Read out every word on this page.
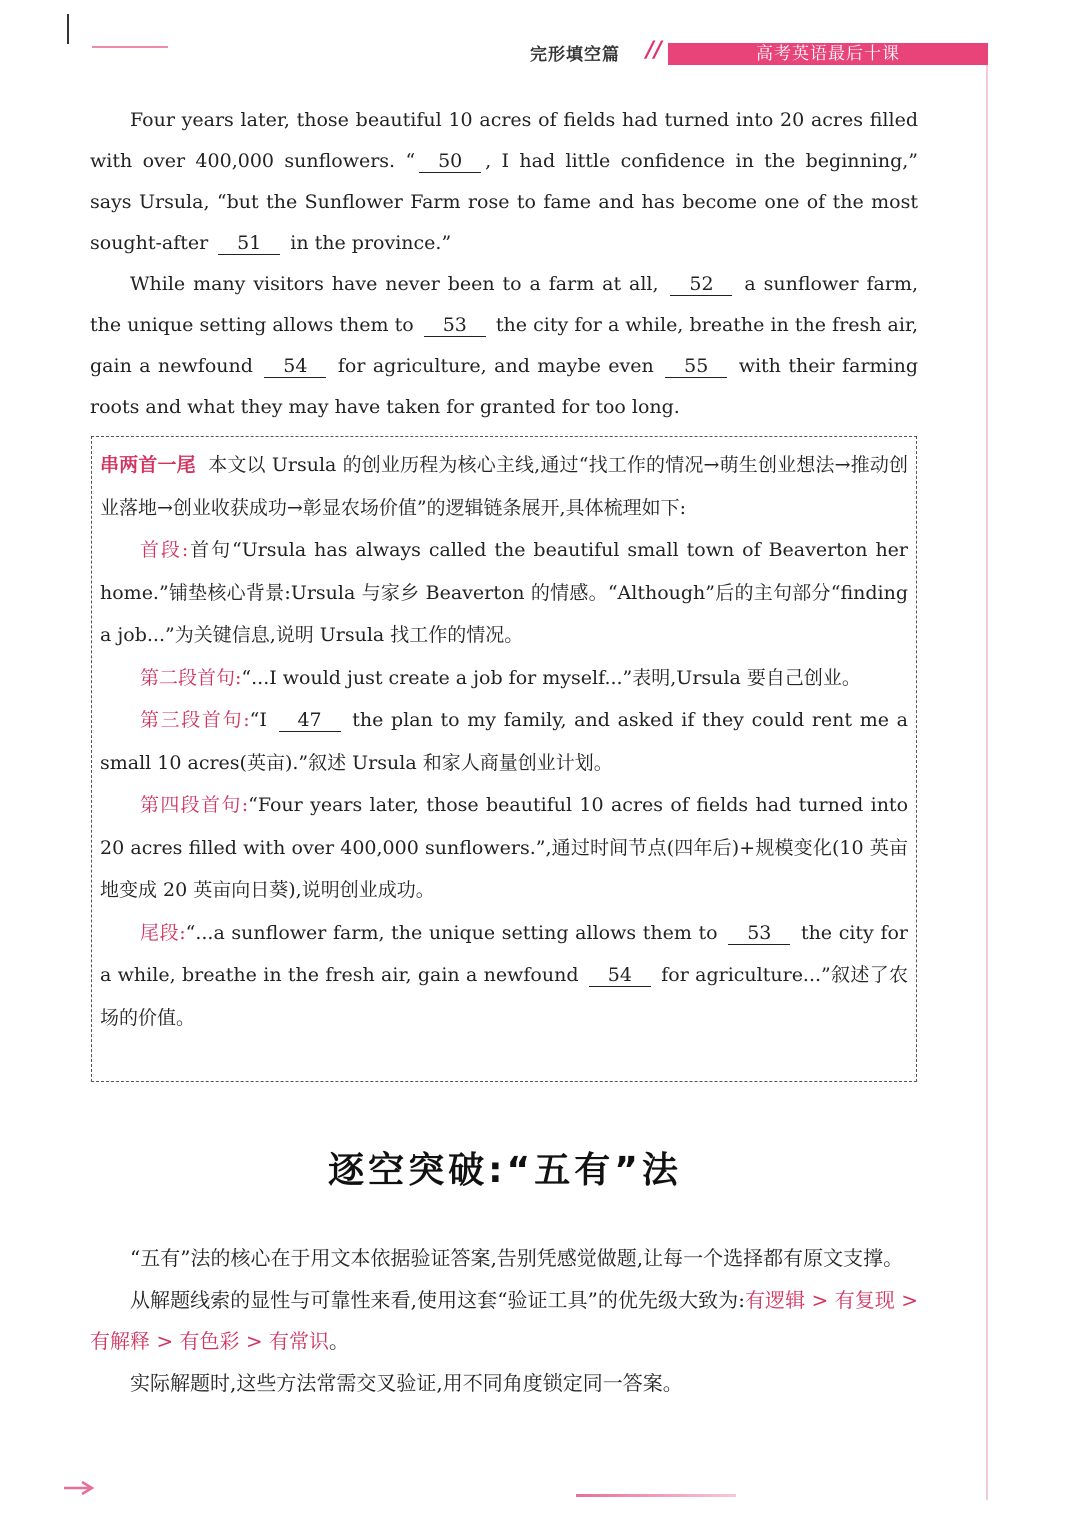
完形填空篇 //	高考英语最后十课

Four years later, those beautiful 10 acres of fields had turned into 20 acres filled with over 400,000 sunflowers. “ 50 , I had little confidence in the beginning,” says Ursula, “but the Sunflower Farm rose to fame and has become one of the most sought-after 51 in the province.”

While many visitors have never been to a farm at all, 52 a sunflower farm, the unique setting allows them to 53 the city for a while, breathe in the fresh air, gain a newfound 54 for agriculture, and maybe even 55 with their farming roots and what they may have taken for granted for too long.

串两首一尾 本文以 Ursula 的创业历程为核心主线,通过“找工作的情况→萌生创业想法→推动创业落地→创业收获成功→彰显农场价值”的逻辑链条展开,具体梳理如下:

首段:首句“Ursula has always called the beautiful small town of Beaverton her home.”铺垫核心背景:Ursula 与家乡 Beaverton 的情感。“Although”后的主句部分“finding a job...”为关键信息,说明 Ursula 找工作的情况。

第二段首句:“...I would just create a job for myself...”表明,Ursula 要自己创业。

第三段首句:“I 47 the plan to my family, and asked if they could rent me a small 10 acres(英亩).”叙述 Ursula 和家人商量创业计划。

第四段首句:“Four years later, those beautiful 10 acres of fields had turned into 20 acres filled with over 400,000 sunflowers.”,通过时间节点(四年后)+规模变化(10 英亩地变成 20 英亩向日葵),说明创业成功。

尾段:“...a sunflower farm, the unique setting allows them to 53 the city for a while, breathe in the fresh air, gain a newfound 54 for agriculture...”叙述了农场的价值。

逐空突破:“五有”法

“五有”法的核心在于用文本依据验证答案,告别凭感觉做题,让每一个选择都有原文支撑。

从解题线索的显性与可靠性来看,使用这套“验证工具”的优先级大致为:有逻辑 > 有复现 > 有解释 > 有色彩 > 有常识。

实际解题时,这些方法常需交叉验证,用不同角度锁定同一答案。
